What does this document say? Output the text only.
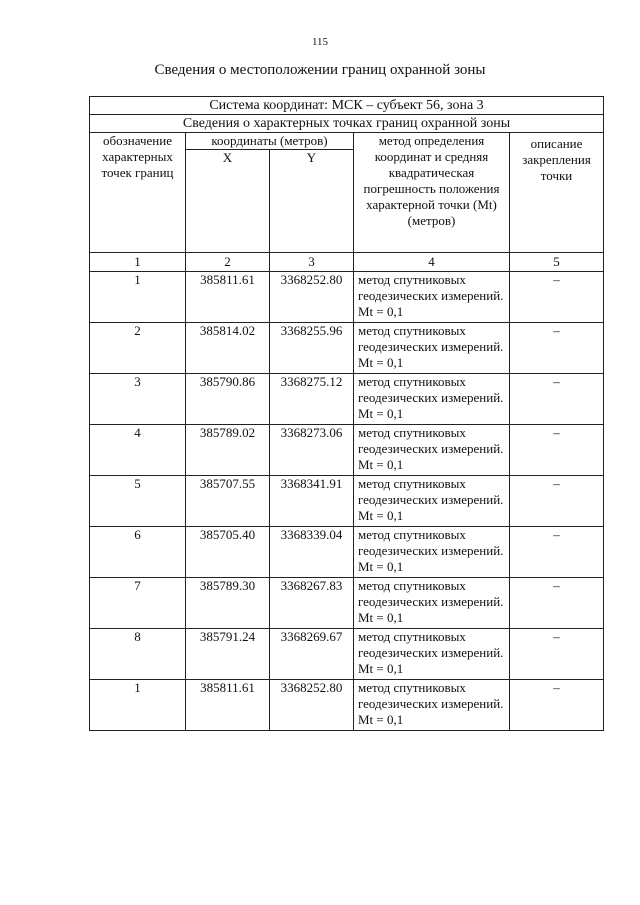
115
Сведения о местоположении границ охранной зоны
Система координат: МСК – субъект 56, зона 3				
Сведения о характерных точках границ охранной зоны				
обозначение характерных точек границ	координаты (метров)		метод определения координат и средняя квадратическая погрешность положения характерной точки (Mt) (метров)	описание закрепления точки
	X	Y		
1	2	3	4	5
1	385811.61	3368252.80	метод спутниковых геодезических измерений. Mt = 0,1	–
2	385814.02	3368255.96	метод спутниковых геодезических измерений. Mt = 0,1	–
3	385790.86	3368275.12	метод спутниковых геодезических измерений. Mt = 0,1	–
4	385789.02	3368273.06	метод спутниковых геодезических измерений. Mt = 0,1	–
5	385707.55	3368341.91	метод спутниковых геодезических измерений. Mt = 0,1	–
6	385705.40	3368339.04	метод спутниковых геодезических измерений. Mt = 0,1	–
7	385789.30	3368267.83	метод спутниковых геодезических измерений. Mt = 0,1	–
8	385791.24	3368269.67	метод спутниковых геодезических измерений. Mt = 0,1	–
1	385811.61	3368252.80	метод спутниковых геодезических измерений. Mt = 0,1	–
